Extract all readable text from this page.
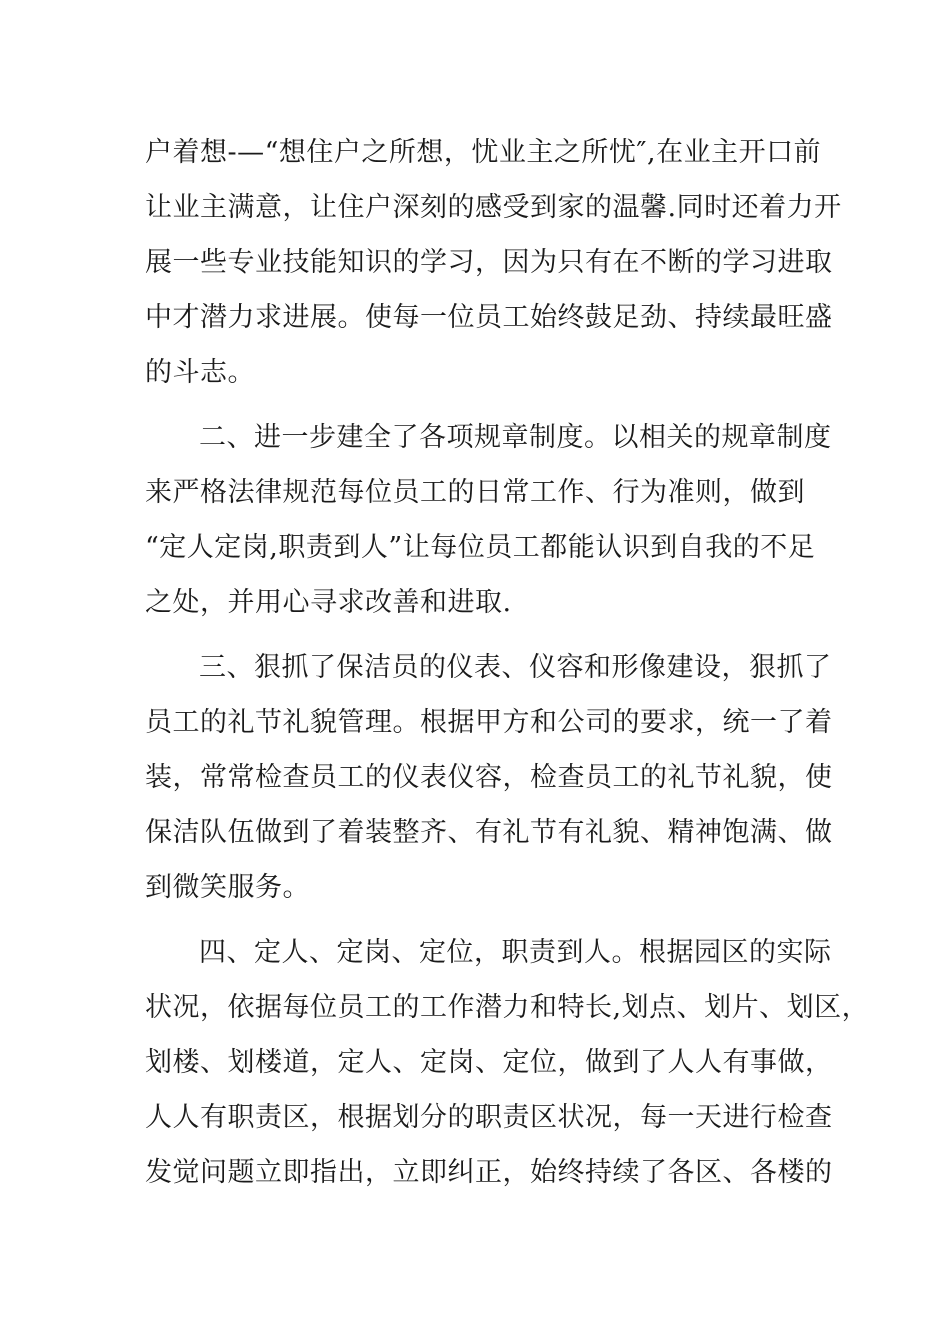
户着想-—“想住户之所想，忧业主之所忧″,在业主开口前
让业主满意，让住户深刻的感受到家的温馨.同时还着力开
展一些专业技能知识的学习，因为只有在不断的学习进取
中才潜力求进展。使每一位员工始终鼓足劲、持续最旺盛
的斗志。
二、进一步建全了各项规章制度。以相关的规章制度
来严格法律规范每位员工的日常工作、行为准则，做到
“定人定岗,职责到人”让每位员工都能认识到自我的不足
之处，并用心寻求改善和进取.
三、狠抓了保洁员的仪表、仪容和形像建设，狠抓了
员工的礼节礼貌管理。根据甲方和公司的要求，统一了着
装，常常检查员工的仪表仪容，检查员工的礼节礼貌，使
保洁队伍做到了着装整齐、有礼节有礼貌、精神饱满、做
到微笑服务。
四、定人、定岗、定位，职责到人。根据园区的实际
状况，依据每位员工的工作潜力和特长,划点、划片、划区，
划楼、划楼道，定人、定岗、定位，做到了人人有事做，
人人有职责区，根据划分的职责区状况，每一天进行检查
发觉问题立即指出，立即纠正，始终持续了各区、各楼的
